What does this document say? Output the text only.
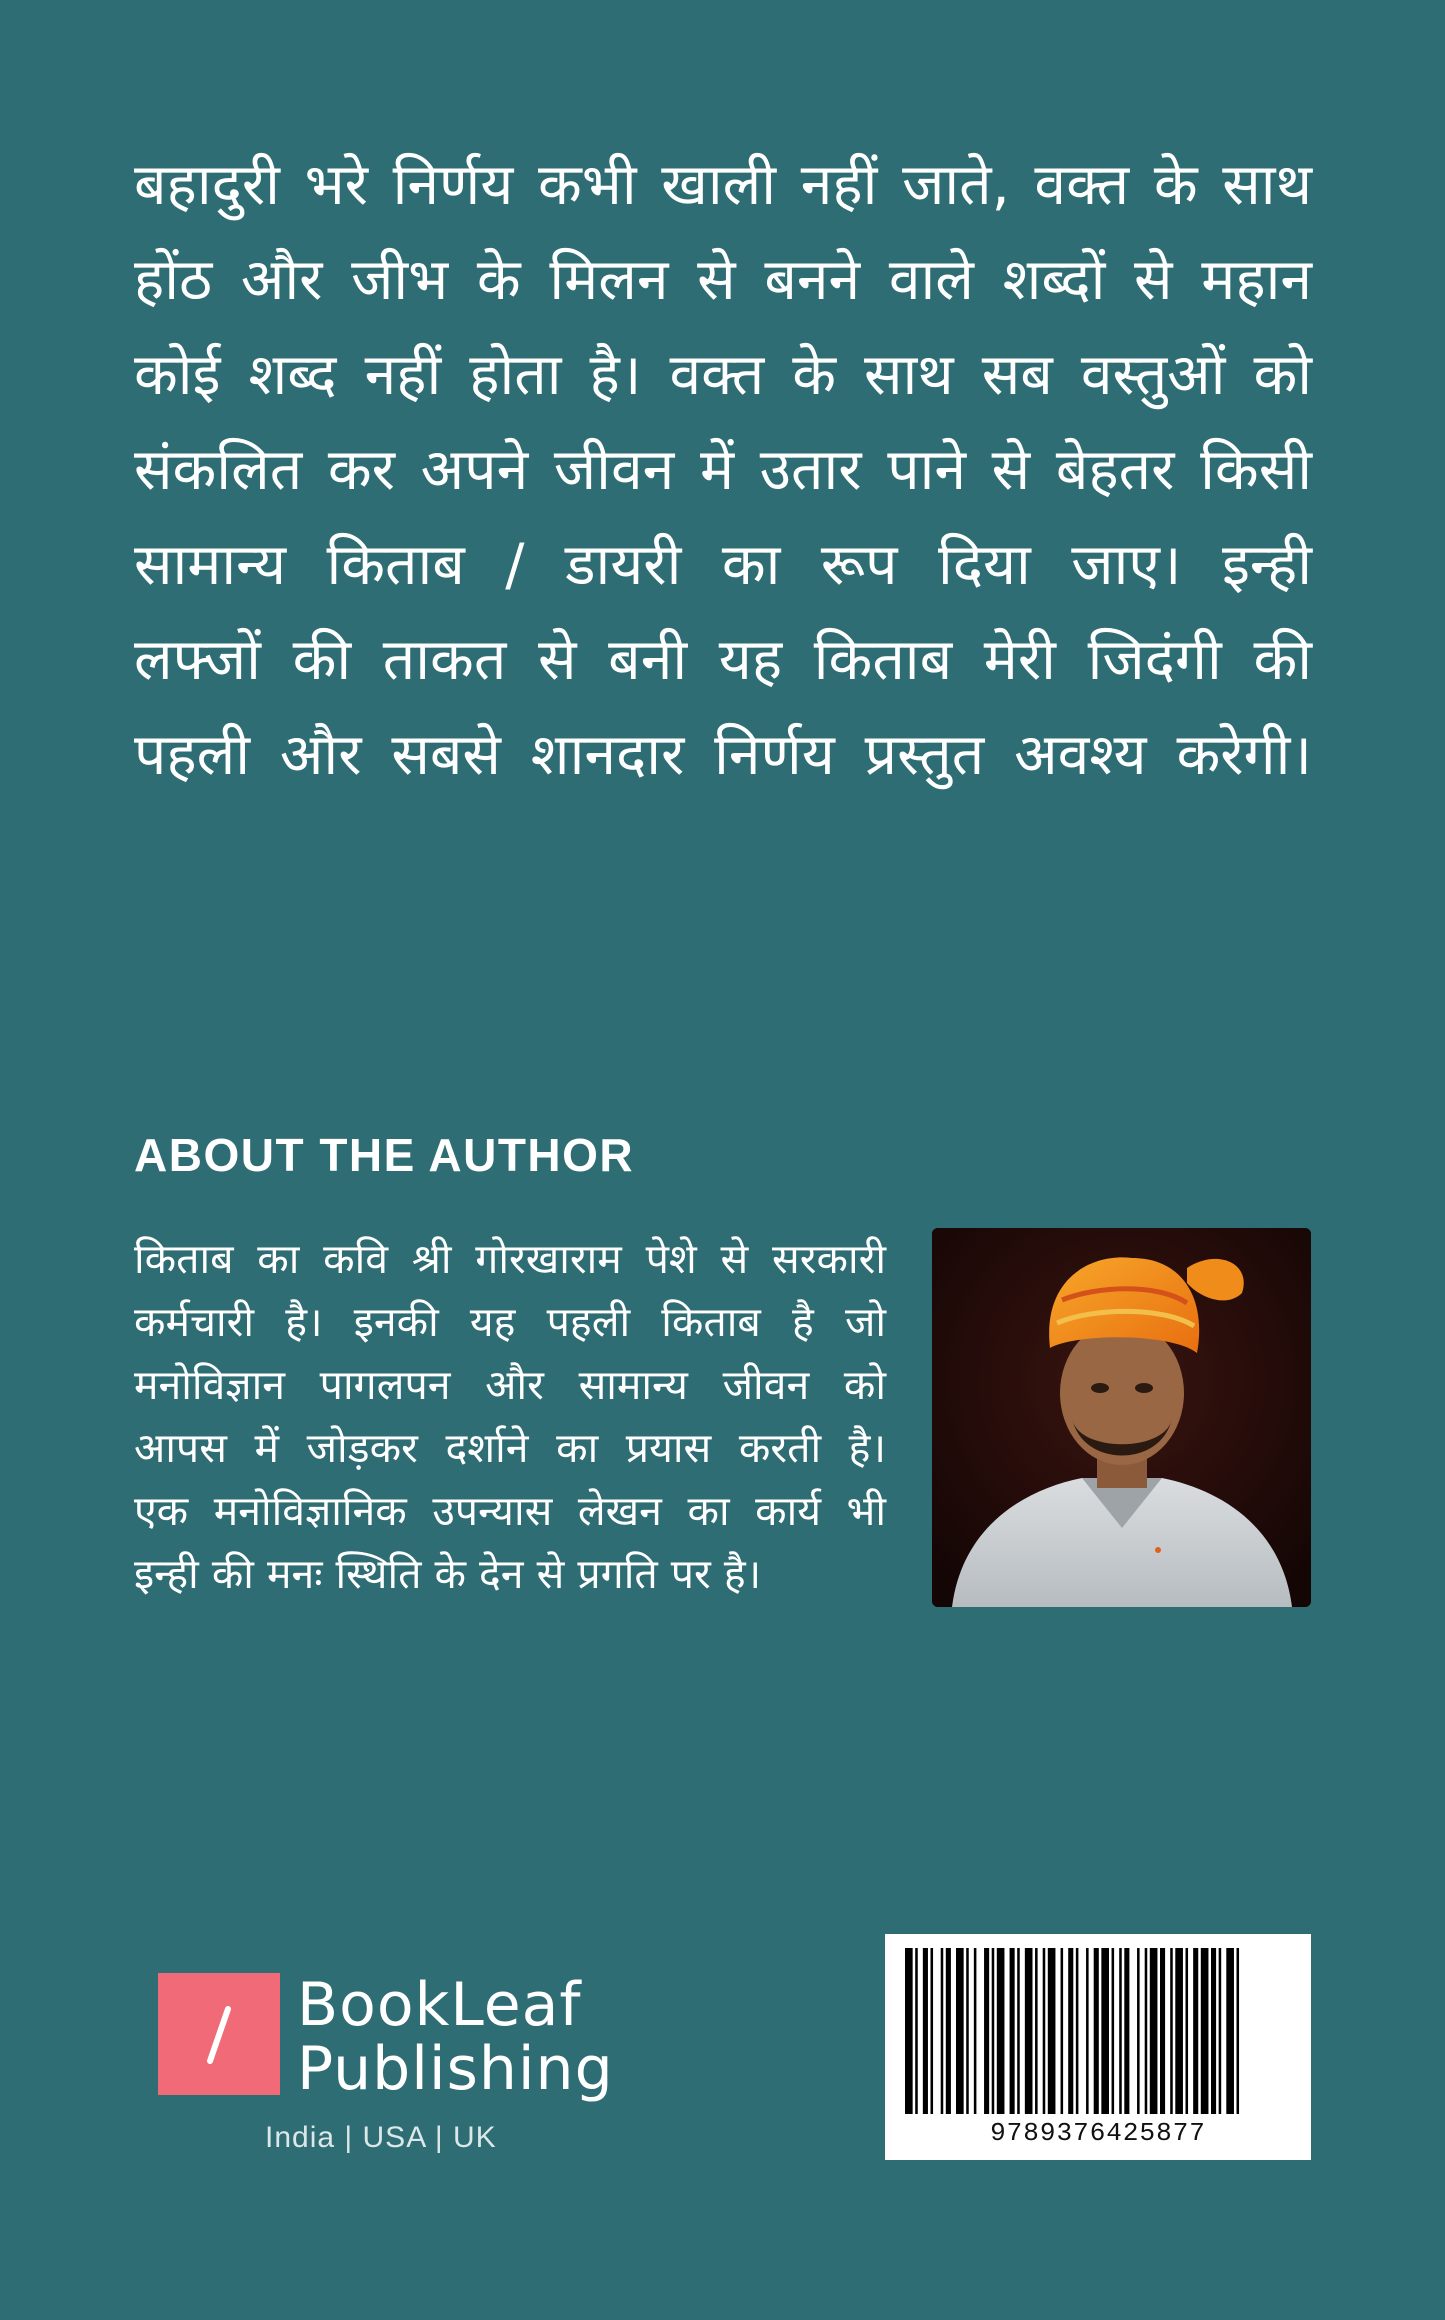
बहादुरी भरे निर्णय कभी खाली नहीं जाते, वक्त के साथ
होंठ और जीभ के मिलन से बनने वाले शब्दों से महान
कोई शब्द नहीं होता है। वक्त के साथ सब वस्तुओं को
संकलित कर अपने जीवन में उतार पाने से बेहतर किसी
सामान्य किताब / डायरी का रूप दिया जाए। इन्ही
लफ्जों की ताकत से बनी यह किताब मेरी जिदंगी की
पहली और सबसे शानदार निर्णय प्रस्तुत अवश्य करेगी।
ABOUT THE AUTHOR
किताब का कवि श्री गोरखाराम पेशे से सरकारी
कर्मचारी है। इनकी यह पहली किताब है जो
मनोविज्ञान पागलपन और सामान्य जीवन को
आपस में जोड़कर दर्शाने का प्रयास करती है।
एक मनोविज्ञानिक उपन्यास लेखन का कार्य भी
इन्ही की मनः स्थिति के देन से प्रगति पर है।
BookLeaf
Publishing
India | USA | UK	9789376425877
